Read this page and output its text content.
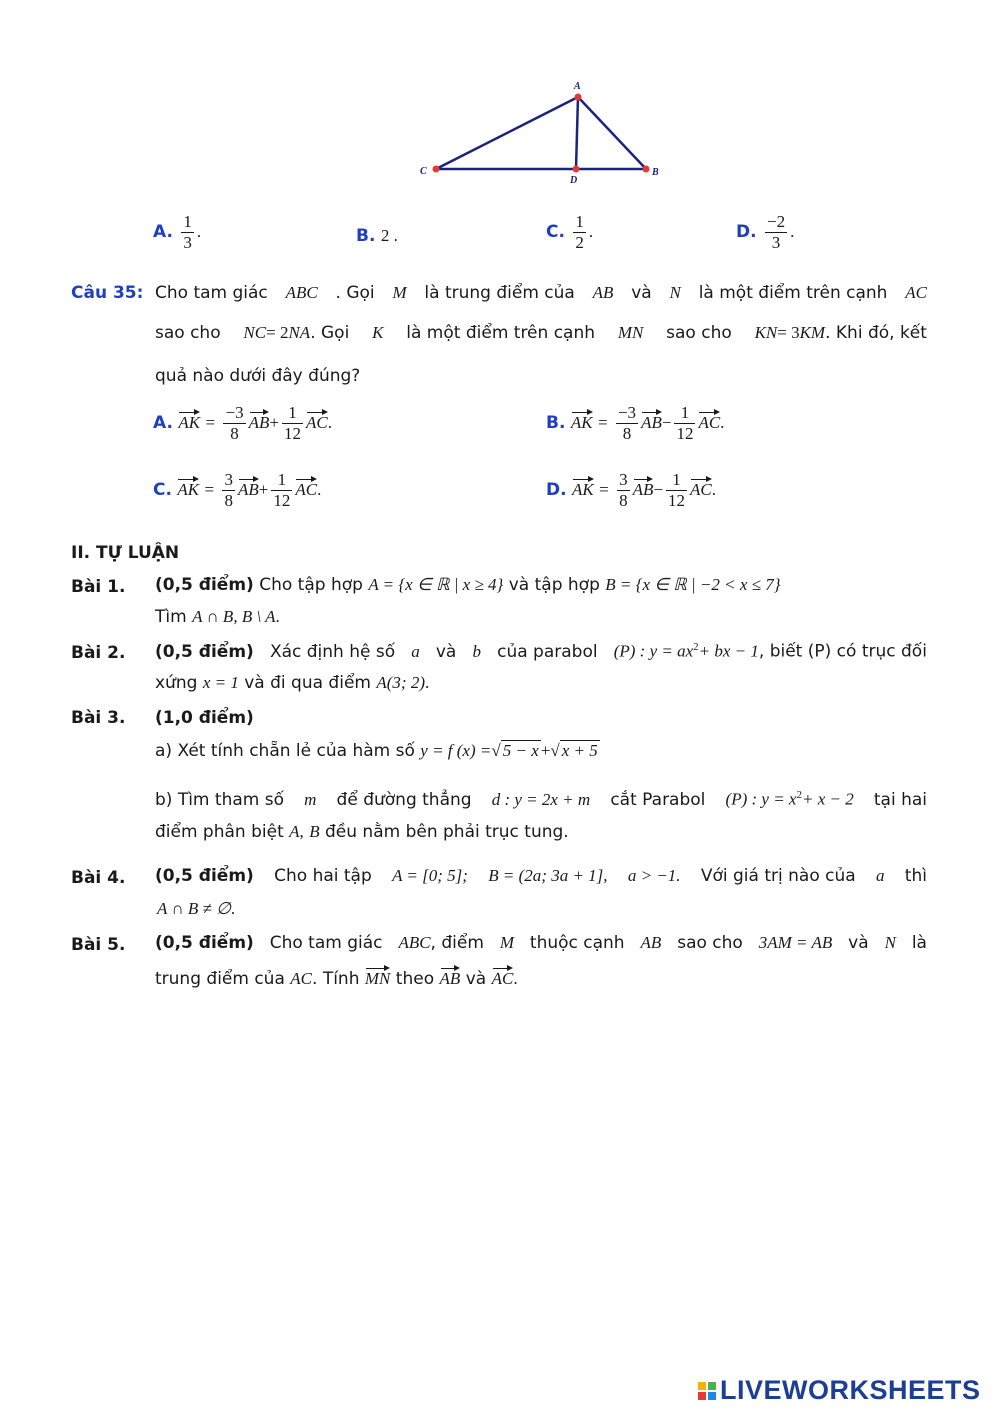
A
C	B
D
A. $\frac{1}{3}$ .	B. 2 .	C. $\frac{1}{2}$ .	D. $\frac{-2}{3}$ .
Câu 35: Cho tam giác ABC . Gọi M là trung điểm của AB và N là một điểm trên cạnh AC
sao cho NC= 2NA. Gọi K là một điểm trên cạnh MN sao cho KN= 3KM. Khi đó, kết
quả nào dưới đây đúng?
A. AK = $\frac{-3}{8} AB+ \frac{1}{12}$ AC.	B. AK = $\frac{-3}{8} AB- \frac{1}{12}$ AC.
C. AK = $\frac{3}{8} AB+ \frac{1}{12}$ AC.	D. AK = $\frac{3}{8} AB- \frac{1}{12}$ AC.
II. TỰ LUẬN
Bài 1. (0,5 điểm) Cho tập hợp A = {x ∈ ℝ | x ≥ 4} và tập hợp B = {x ∈ ℝ | −2 < x ≤ 7}
Tìm A ∩ B, B \ A.
Bài 2. (0,5 điểm) Xác định hệ số a và b của parabol (P) : $y = ax^2+$ bx − 1, biết (P) có trục đối
xứng x = 1 và đi qua điểm A(3; 2).
Bài 3. (1,0 điểm)
a) Xét tính chẵn lẻ của hàm số y = f (x) =√ 5 − x +√ x + 5
b) Tìm tham số m để đường thẳng d : y = 2x + m cắt Parabol (P) : $y = x^2+ x - 2$ tại hai
điểm phân biệt A, B đều nằm bên phải trục tung.
Bài 4. (0,5 điểm) Cho hai tập A = [0; 5]; B = (2a; 3a + 1], a > −1. Với giá trị nào của a thì
A ∩ B ≠ ∅.
Bài 5. (0,5 điểm) Cho tam giác ABC, điểm M thuộc cạnh AB sao cho 3AM = AB và N là
trung điểm của AC. Tính MN theo AB và AC.
LIVEWORKSHEETS
